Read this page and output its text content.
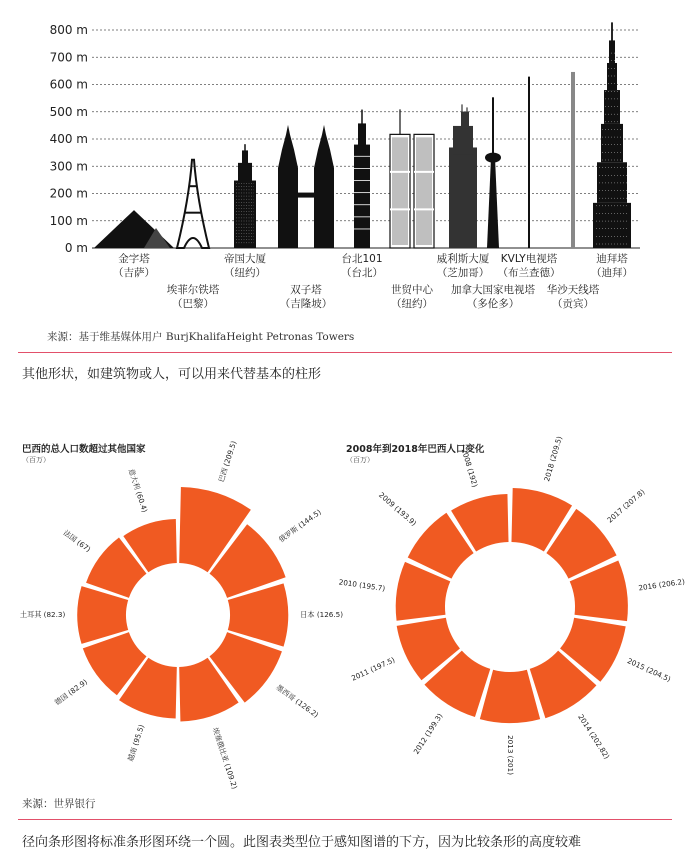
0 m
100 m
200 m
300 m
400 m
500 m
600 m
700 m
800 m
金字塔
（吉萨）
埃菲尔铁塔
（巴黎）
帝国大厦
（纽约）
双子塔
（吉隆坡）
台北101
（台北）
世贸中心
（纽约）
威利斯大厦
（芝加哥）
加拿大国家电视塔
（多伦多）
KVLY电视塔
（布兰查德）
华沙天线塔
（贡宾）
迪拜塔
（迪拜）
来源：基于维基媒体用户 BurjKhalifaHeight Petronas Towers
其他形状，如建筑物或人，可以用来代替基本的柱形
巴西的总人口数超过其他国家
（百万）	巴西 (209.5)
俄罗斯 (144.5)
日本 (126.5)
墨西哥 (126.2)
埃塞俄比亚 (109.2)
越南 (95.5)
德国 (82.9)
土耳其 (82.3)
法国 (67)
意大利 (60.4)
2008年到2018年巴西人口变化
（百万）	2018 (209.5)
2017 (207.8)
2016 (206.2)
2015 (204.5)
2014 (202.82)
2013 (201)
2012 (199.3)
2011 (197.5)
2010 (195.7)
2009 (193.9)
2008 (192)
来源：世界银行
径向条形图将标准条形图环绕一个圆。此图表类型位于感知图谱的下方，因为比较条形的高度较难
